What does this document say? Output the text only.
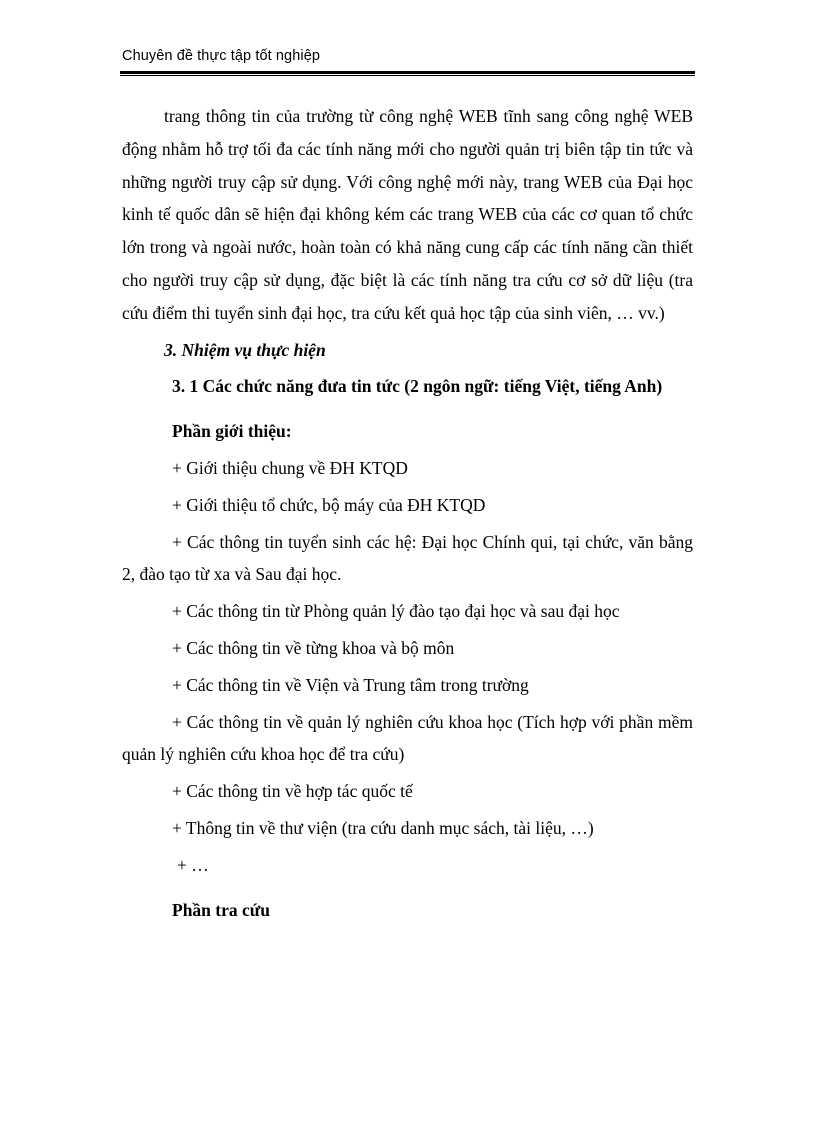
Chuyên đề thực tập tốt nghiệp

trang thông tin của trường từ công nghệ WEB tĩnh sang công nghệ WEB động nhằm hỗ trợ tối đa các tính năng mới cho người quản trị biên tập tin tức và những người truy cập sử dụng. Với công nghệ mới này, trang WEB của Đại học kinh tế quốc dân sẽ hiện đại không kém các trang WEB của các cơ quan tổ chức lớn trong và ngoài nước, hoàn toàn có khả năng cung cấp các tính năng cần thiết cho người truy cập sử dụng, đặc biệt là các tính năng tra cứu cơ sở dữ liệu (tra cứu điểm thi tuyển sinh đại học, tra cứu kết quả học tập của sinh viên, … vv.)

3. Nhiệm vụ thực hiện

3. 1 Các chức năng đưa tin tức (2 ngôn ngữ: tiếng Việt, tiếng Anh)

Phần giới thiệu:

+ Giới thiệu chung về ĐH KTQD

+ Giới thiệu tổ chức, bộ máy của ĐH KTQD

+ Các thông tin tuyển sinh các hệ: Đại học Chính qui, tại chức, văn bằng 2, đào tạo từ xa và Sau đại học.

+ Các thông tin từ Phòng quản lý đào tạo đại học và sau đại học

+ Các thông tin về từng khoa và bộ môn

+ Các thông tin về Viện và Trung tâm trong trường

+ Các thông tin về quản lý nghiên cứu khoa học (Tích hợp với phần mềm quản lý nghiên cứu khoa học để tra cứu)

+ Các thông tin về hợp tác quốc tế

+ Thông tin về thư viện (tra cứu danh mục sách, tài liệu, …)

+ …

Phần tra cứu
